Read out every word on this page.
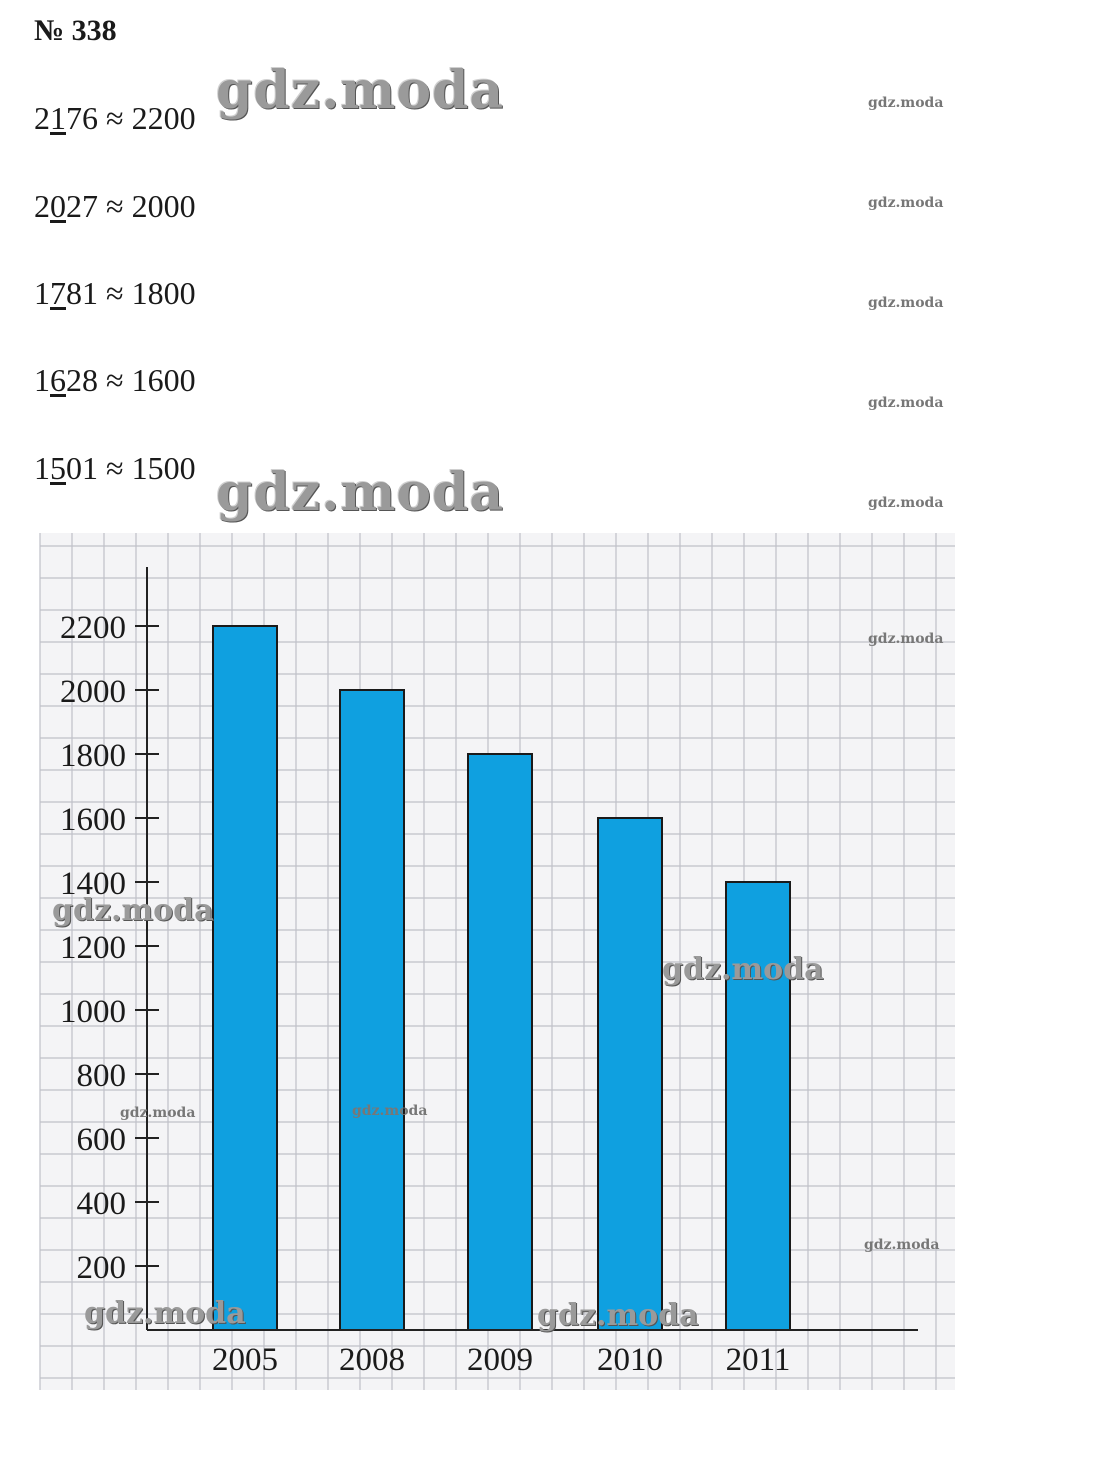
№ 338
2176 ≈ 2200
2027 ≈ 2000
1781 ≈ 1800
1628 ≈ 1600
1501 ≈ 1500
200
400
600
800
1000
1200
1400
1600
1800
2000
2200
2005 2008 2009 2010 2011
gdz.moda
gdz.moda
gdz.moda
gdz.moda
gdz.moda
gdz.moda
gdz.moda
gdz.moda
gdz.moda
gdz.moda
gdz.moda
gdz.moda
gdz.moda	gdz.moda
gdz.moda
